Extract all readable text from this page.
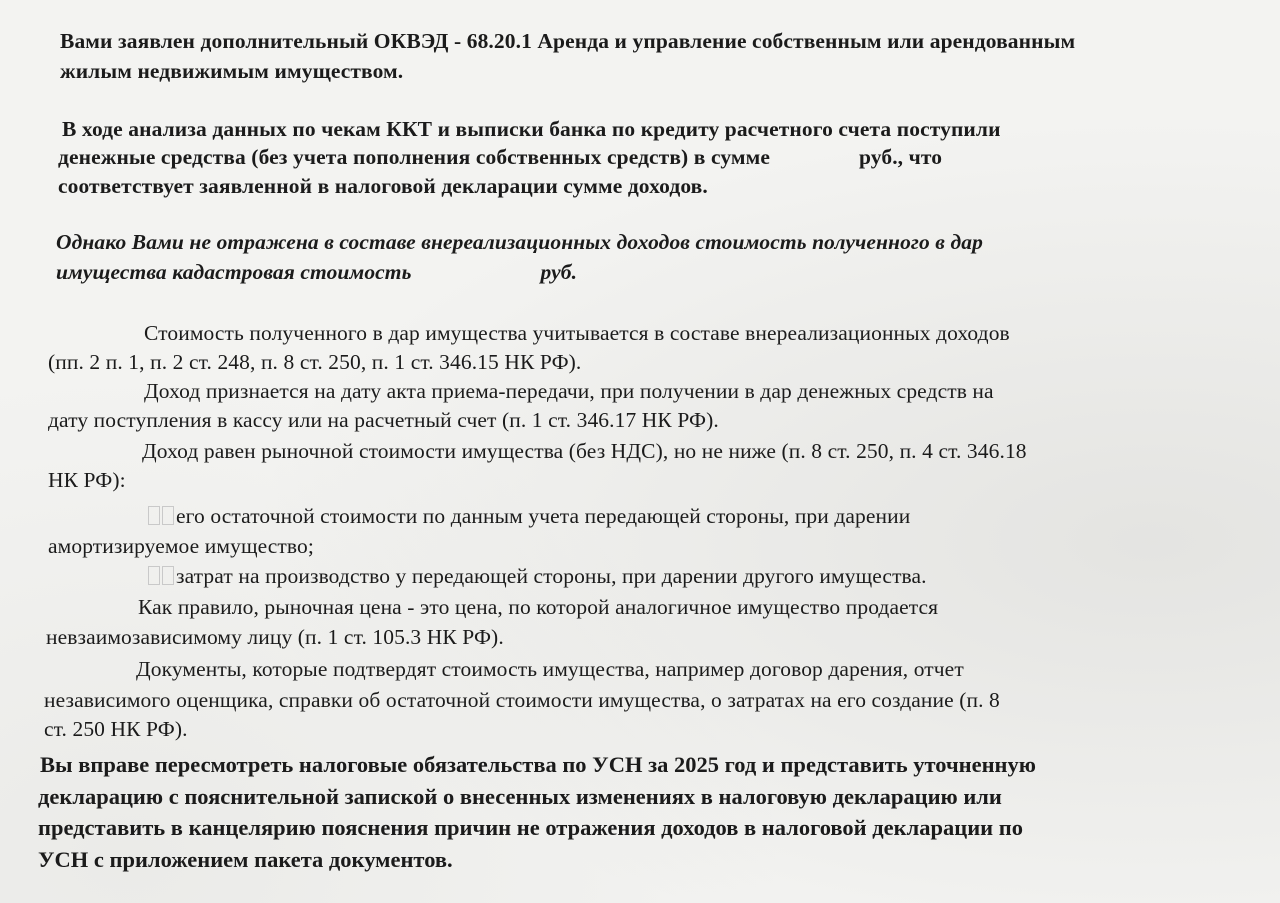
Вами заявлен дополнительный ОКВЭД - 68.20.1 Аренда и управление собственным или арендованным
жилым недвижимым имуществом.
В ходе анализа данных по чекам ККТ и выписки банка по кредиту расчетного счета поступили
денежные средства (без учета пополнения собственных средств) в сумме	руб., что
соответствует заявленной в налоговой декларации сумме доходов.
Однако Вами не отражена в составе внереализационных доходов стоимость полученного в дар
имущества кадастровая стоимость	руб.
Стоимость полученного в дар имущества учитывается в составе внереализационных доходов
(пп. 2 п. 1, п. 2 ст. 248, п. 8 ст. 250, п. 1 ст. 346.15 НК РФ).
Доход признается на дату акта приема-передачи, при получении в дар денежных средств на
дату поступления в кассу или на расчетный счет (п. 1 ст. 346.17 НК РФ).
Доход равен рыночной стоимости имущества (без НДС), но не ниже (п. 8 ст. 250, п. 4 ст. 346.18
НК РФ):
его остаточной стоимости по данным учета передающей стороны, при дарении
амортизируемое имущество;
затрат на производство у передающей стороны, при дарении другого имущества.
Как правило, рыночная цена - это цена, по которой аналогичное имущество продается
невзаимозависимому лицу (п. 1 ст. 105.3 НК РФ).
Документы, которые подтвердят стоимость имущества, например договор дарения, отчет
независимого оценщика, справки об остаточной стоимости имущества, о затратах на его создание (п. 8
ст. 250 НК РФ).
Вы вправе пересмотреть налоговые обязательства по УСН за 2025 год и представить уточненную
декларацию с пояснительной запиской о внесенных изменениях в налоговую декларацию или
представить в канцелярию пояснения причин не отражения доходов в налоговой декларации по
УСН с приложением пакета документов.
